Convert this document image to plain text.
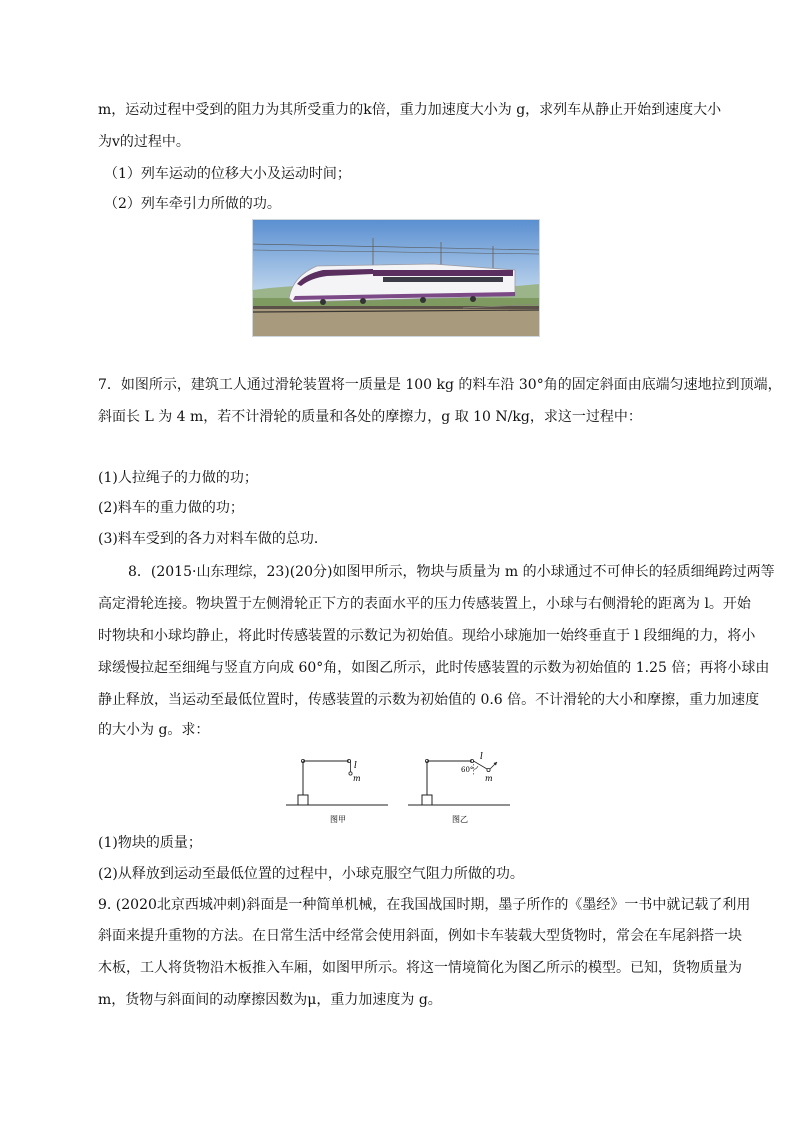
m，运动过程中受到的阻力为其所受重力的k倍，重力加速度大小为 g，求列车从静止开始到速度大小
为v的过程中。
（1）列车运动的位移大小及运动时间；
（2）列车牵引力所做的功。
7．如图所示，建筑工人通过滑轮装置将一质量是 100 kg 的料车沿 30°角的固定斜面由底端匀速地拉到顶端，
斜面长 L 为 4 m，若不计滑轮的质量和各处的摩擦力，g 取 10 N/kg，求这一过程中：
(1)人拉绳子的力做的功；
(2)料车的重力做的功；
(3)料车受到的各力对料车做的总功．
8．(2015·山东理综，23)(20分)如图甲所示，物块与质量为 m 的小球通过不可伸长的轻质细绳跨过两等
高定滑轮连接。物块置于左侧滑轮正下方的表面水平的压力传感装置上，小球与右侧滑轮的距离为 l。开始
时物块和小球均静止，将此时传感装置的示数记为初始值。现给小球施加一始终垂直于 l 段细绳的力，将小
球缓慢拉起至细绳与竖直方向成 60°角，如图乙所示，此时传感装置的示数为初始值的 1.25 倍；再将小球由
静止释放，当运动至最低位置时，传感装置的示数为初始值的 0.6 倍。不计滑轮的大小和摩擦，重力加速度
的大小为 g。求：
l
m
图甲
60°
l
m
图乙
(1)物块的质量；
(2)从释放到运动至最低位置的过程中，小球克服空气阻力所做的功。
9. (2020北京西城冲刺)斜面是一种简单机械，在我国战国时期，墨子所作的《墨经》一书中就记载了利用
斜面来提升重物的方法。在日常生活中经常会使用斜面，例如卡车装载大型货物时，常会在车尾斜搭一块
木板，工人将货物沿木板推入车厢，如图甲所示。将这一情境简化为图乙所示的模型。已知，货物质量为
m，货物与斜面间的动摩擦因数为μ，重力加速度为 g。
